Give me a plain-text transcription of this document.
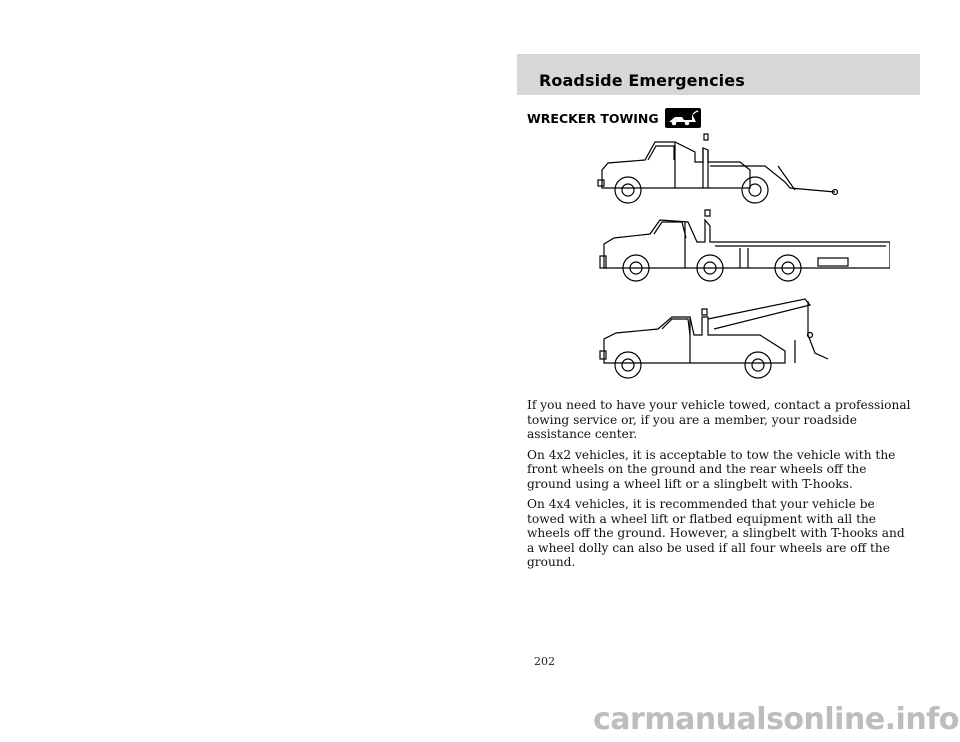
Roadside Emergencies
WRECKER TOWING

If you need to have your vehicle towed, contact a professional towing service or, if you are a member, your roadside assistance center.

On 4x2 vehicles, it is acceptable to tow the vehicle with the front wheels on the ground and the rear wheels off the ground using a wheel lift or a slingbelt with T-hooks.

On 4x4 vehicles, it is recommended that your vehicle be towed with a wheel lift or flatbed equipment with all the wheels off the ground. However, a slingbelt with T-hooks and a wheel dolly can also be used if all four wheels are off the ground.

202
carmanualsonline.info
